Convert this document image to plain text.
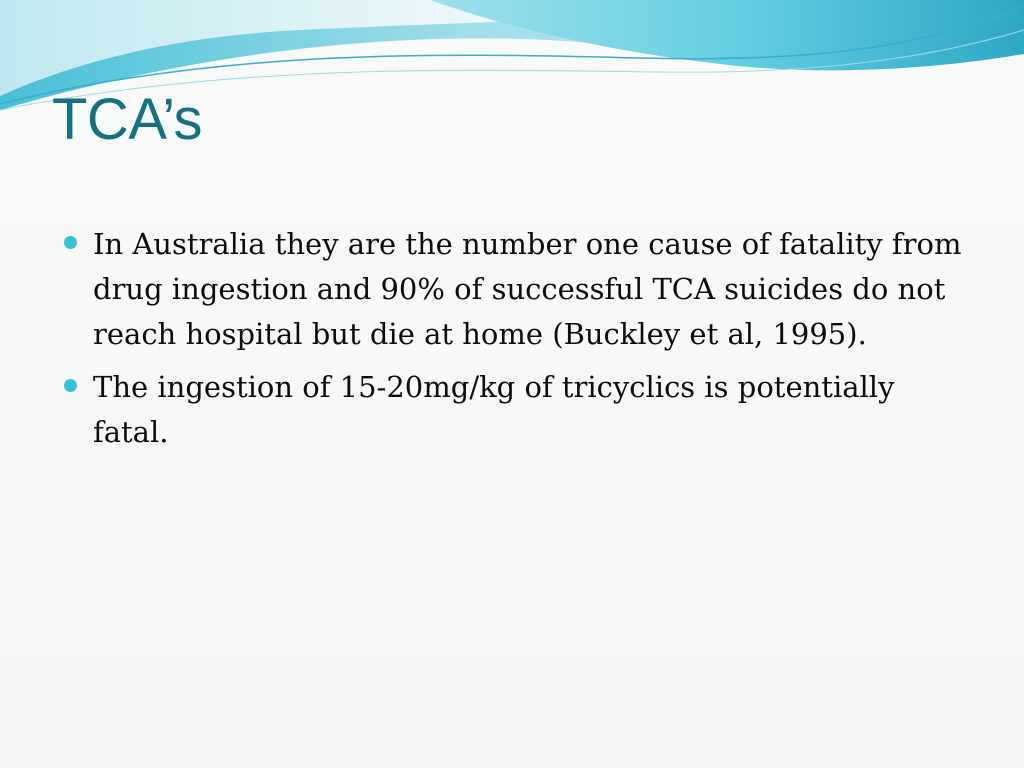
TCA’s
In Australia they are the number one cause of fatality from drug ingestion and 90% of successful TCA suicides do not reach hospital but die at home (Buckley et al, 1995).
The ingestion of 15-20mg/kg of tricyclics is potentially fatal.
